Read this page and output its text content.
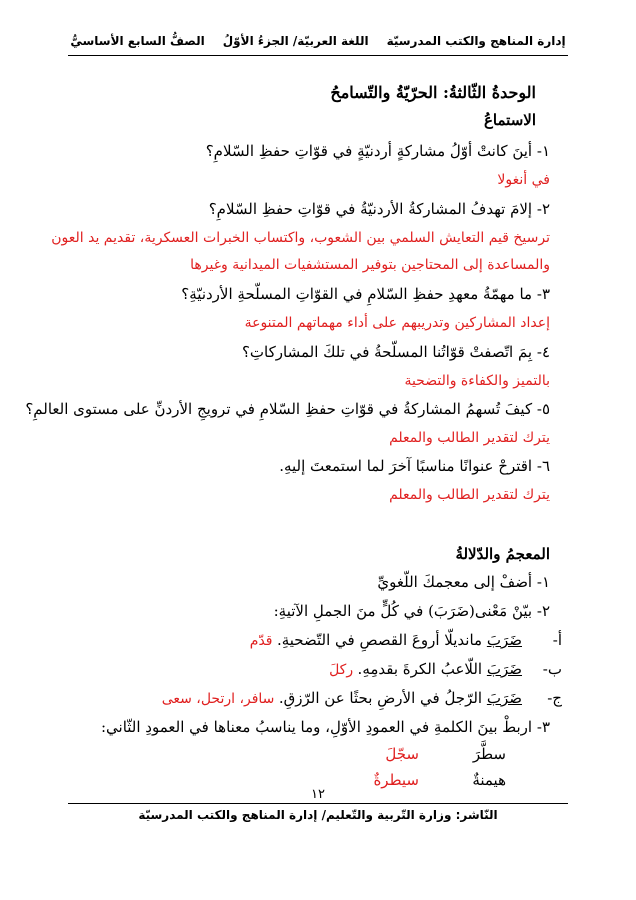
إدارة المناهج والكتب المدرسيّة
اللغة العربيّة/ الجزءُ الأوّلُ
الصفُّ السابع الأساسيُّ
الوحدةُ الثّالثةُ: الحرّيّةُ والتّسامحُ
الاستماعُ
١- أينَ كانتْ أوّلُ مشاركةٍ أردنيّةٍ في قوّاتِ حفظِ السّلامِ؟
في أنغولا
٢- إلامَ تهدفُ المشاركةُ الأردنيّةُ في قوّاتِ حفظِ السّلامِ؟
ترسيخ قيم التعايش السلمي بين الشعوب، واكتساب الخبرات العسكرية، تقديم يد العون
والمساعدة إلى المحتاجين بتوفير المستشفيات الميدانية وغيرها
٣- ما مهمّةُ معهدِ حفظِ السّلامِ في القوّاتِ المسلّحةِ الأردنيّةِ؟
إعداد المشاركين وتدريبهم على أداء مهماتهم المتنوعة
٤- بِمَ اتّصفتْ قوّاتُنا المسلّحةُ في تلكَ المشاركاتِ؟
بالتميز والكفاءة والتضحية
٥- كيفَ تُسهمُ المشاركةُ في قوّاتِ حفظِ السّلامِ في ترويجِ الأردنِّ على مستوى العالمِ؟
يترك لتقدير الطالب والمعلم
٦- اقترحْ عنوانًا مناسبًا آخرَ لما استمعتَ إليهِ.
يترك لتقدير الطالب والمعلم
المعجمُ والدّلالةُ
١- أضفْ إلى معجمكَ اللّغويِّ
٢- بيّنْ مَعْنى(ضَرَبَ) في كُلٍّ منَ الجملِ الآتيةِ:
أ-
ضَرَبَ مانديلّا أروعَ القصصِ في التّضحيةِ. قدّم
ب-
ضَرَبَ اللّاعبُ الكرةَ بقدمِهِ. ركلَ
ج-
ضَرَبَ الرّجلُ في الأرضِ بحثًا عن الرّزقِ. سافر، ارتحل، سعى
٣- اربطْ بينَ الكلمةِ في العمودِ الأوّلِ، وما يناسبُ معناها في العمودِ الثّاني:
سطَّرَ
سجّلَ
هيمنةٌ
سيطرةٌ
١٢
النّاشر: وزارة التّربية والتّعليم/ إدارة المناهج والكتب المدرسيّة
